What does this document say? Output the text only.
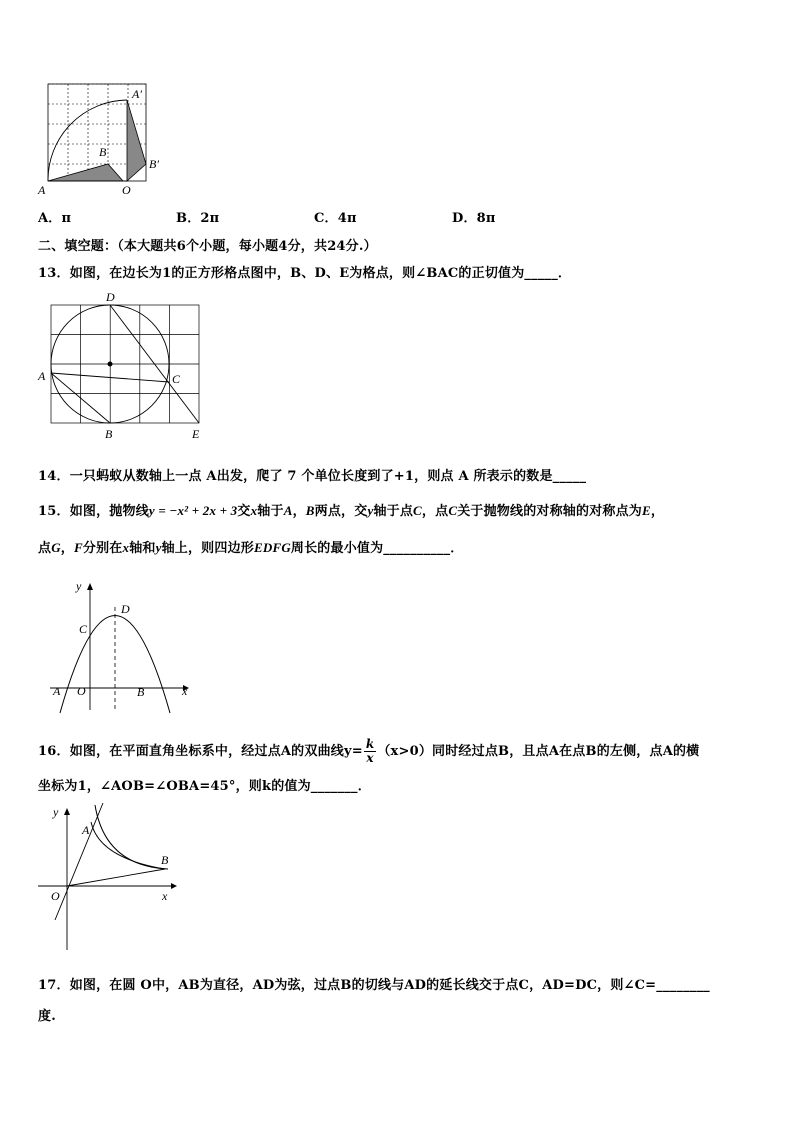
A	O
B
A′
B′
A．π	B．2π	C．4π	D．8π
二、填空题：（本大题共6个小题，每小题4分，共24分.）
13．如图，在边长为1的正方形格点图中，B、D、E为格点，则∠BAC的正切值为_____．
D
A	C
B	E
14．一只蚂蚁从数轴上一点 A出发，爬了 7 个单位长度到了+1，则点 A 所表示的数是_____
15．如图，抛物线y = −x² + 2x + 3交x轴于A，B两点，交y轴于点C，点C关于抛物线的对称轴的对称点为E，
点G，F分别在x轴和y轴上，则四边形EDFG周长的最小值为__________．
y
D
C
A O	B	x
16．如图，在平面直角坐标系中，经过点A的双曲线$y= \frac{k}{x} (x>0)$同时经过点B，且点A在点B的左侧，点A的横
坐标为1，∠AOB=∠OBA=45°，则k的值为_______．
y
A
B
O	x
17．如图，在圆 O中，AB为直径，AD为弦，过点B的切线与AD的延长线交于点C，AD=DC，则∠C=________
度.
